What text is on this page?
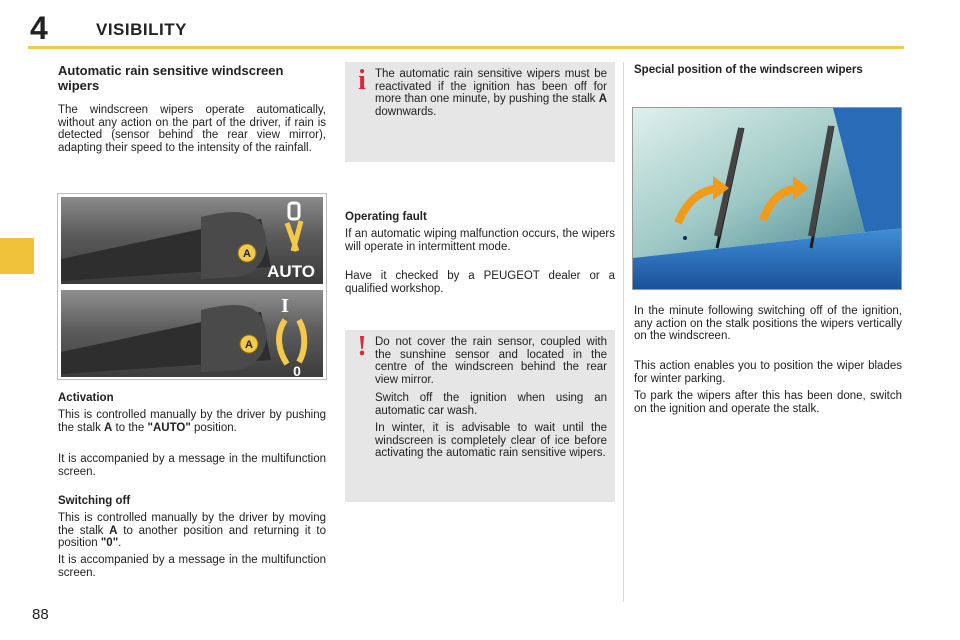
4	VISIBILITY
Automatic rain sensitive windscreen wipers
The windscreen wipers operate automatically, without any action on the part of the driver, if rain is detected (sensor behind the rear view mirror), adapting their speed to the intensity of the rainfall.
A
AUTO
A
I
0
Activation
This is controlled manually by the driver by pushing the stalk A to the "AUTO" position.
It is accompanied by a message in the multifunction screen.
Switching off
This is controlled manually by the driver by moving the stalk A to another position and returning it to position "0".
It is accompanied by a message in the multifunction screen.
i The automatic rain sensitive wipers must be reactivated if the ignition has been off for more than one minute, by pushing the stalk A downwards.
Operating fault
If an automatic wiping malfunction occurs, the wipers will operate in intermittent mode.
Have it checked by a PEUGEOT dealer or a qualified workshop.
! Do not cover the rain sensor, coupled with the sunshine sensor and located in the centre of the windscreen behind the rear view mirror.
Switch off the ignition when using an automatic car wash.
In winter, it is advisable to wait until the windscreen is completely clear of ice before activating the automatic rain sensitive wipers.
Special position of the windscreen wipers
In the minute following switching off of the ignition, any action on the stalk positions the wipers vertically on the windscreen.
This action enables you to position the wiper blades for winter parking.
To park the wipers after this has been done, switch on the ignition and operate the stalk.
88
